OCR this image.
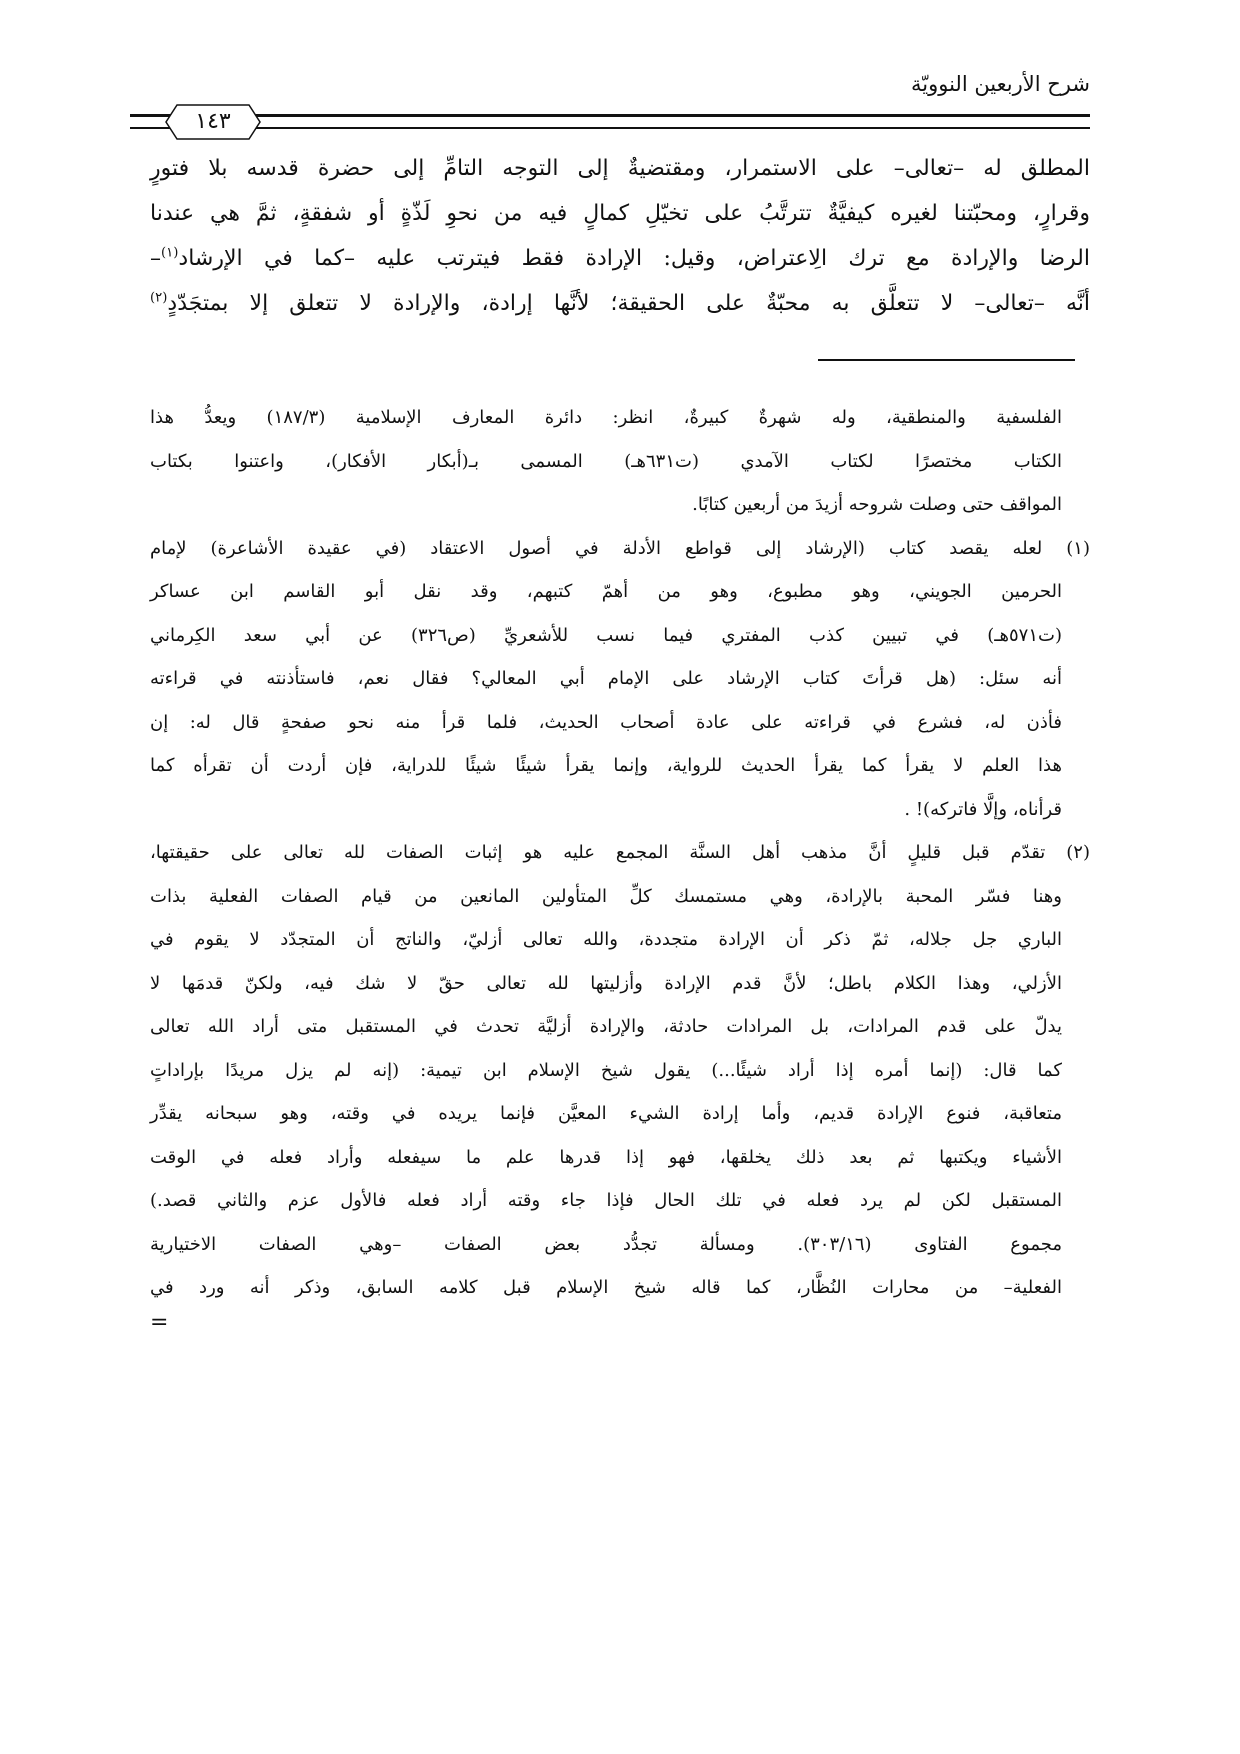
شرح الأربعين النوويّة
١٤٣
المطلق له –تعالى– على الاستمرار، ومقتضيةٌ إلى التوجه التامِّ إلى حضرة قدسه بلا فتورٍ
وقرارٍ، ومحبّتنا لغيره كيفيَّةٌ تترتَّبُ على تخيّلِ كمالٍ فيه من نحوِ لَذّةٍ أو شفقةٍ، ثمَّ هي عندنا
الرضا والإرادة مع ترك الِاعتراض، وقيل: الإرادة فقط فيترتب عليه –كما في الإرشاد$^{(١)}$–
أنَّه –تعالى– لا تتعلَّق به محبّةٌ على الحقيقة؛ لأنَّها إرادة، والإرادة لا تتعلق إلا بمتجَدّدٍ$^{(٢)}$
الفلسفية والمنطقية، وله شهرةٌ كبيرةٌ، انظر: دائرة المعارف الإسلامية (١٨٧/٣) ويعدُّ هذا
الكتاب مختصرًا لكتاب الآمدي (ت٦٣١هـ) المسمى بـ(أبكار الأفكار)، واعتنوا بكتاب
المواقف حتى وصلت شروحه أزيدَ من أربعين كتابًا.
(١) لعله يقصد كتاب (الإرشاد إلى قواطع الأدلة في أصول الاعتقاد (في عقيدة الأشاعرة) لإمام
الحرمين الجويني، وهو مطبوع، وهو من أهمّ كتبهم، وقد نقل أبو القاسم ابن عساكر
(ت٥٧١هـ) في تبيين كذب المفتري فيما نسب للأشعريِّ (ص٣٢٦) عن أبي سعد الكِرماني
أنه سئل: (هل قرأتَ كتاب الإرشاد على الإمام أبي المعالي؟ فقال نعم، فاستأذنته في قراءته
فأذن له، فشرع في قراءته على عادة أصحاب الحديث، فلما قرأ منه نحو صفحةٍ قال له: إن
هذا العلم لا يقرأ كما يقرأ الحديث للرواية، وإنما يقرأ شيئًا شيئًا للدراية، فإن أردت أن تقرأه كما
قرأناه، وإلَّا فاتركه)! .
(٢) تقدّم قبل قليلٍ أنَّ مذهب أهل السنَّة المجمع عليه هو إثبات الصفات لله تعالى على حقيقتها،
وهنا فسّر المحبة بالإرادة، وهي مستمسك كلِّ المتأولين المانعين من قيام الصفات الفعلية بذات
الباري جل جلاله، ثمّ ذكر أن الإرادة متجددة، والله تعالى أزليّ، والناتج أن المتجدّد لا يقوم في
الأزلي، وهذا الكلام باطل؛ لأنَّ قدم الإرادة وأزليتها لله تعالى حقّ لا شك فيه، ولكنّ قدمَها لا
يدلّ على قدم المرادات، بل المرادات حادثة، والإرادة أزليَّة تحدث في المستقبل متى أراد الله تعالى
كما قال: (إنما أمره إذا أراد شيئًا...) يقول شيخ الإسلام ابن تيمية: (إنه لم يزل مريدًا بإراداتٍ
متعاقبة، فنوع الإرادة قديم، وأما إرادة الشيء المعيَّن فإنما يريده في وقته، وهو سبحانه يقدِّر
الأشياء ويكتبها ثم بعد ذلك يخلقها، فهو إذا قدرها علم ما سيفعله وأراد فعله في الوقت
المستقبل لكن لم يرد فعله في تلك الحال فإذا جاء وقته أراد فعله فالأول عزم والثاني قصد.)
مجموع الفتاوى (٣٠٣/١٦). ومسألة تجدُّد بعض الصفات –وهي الصفات الاختيارية
الفعلية– من محارات النُظَّار، كما قاله شيخ الإسلام قبل كلامه السابق، وذكر أنه ورد في
=
